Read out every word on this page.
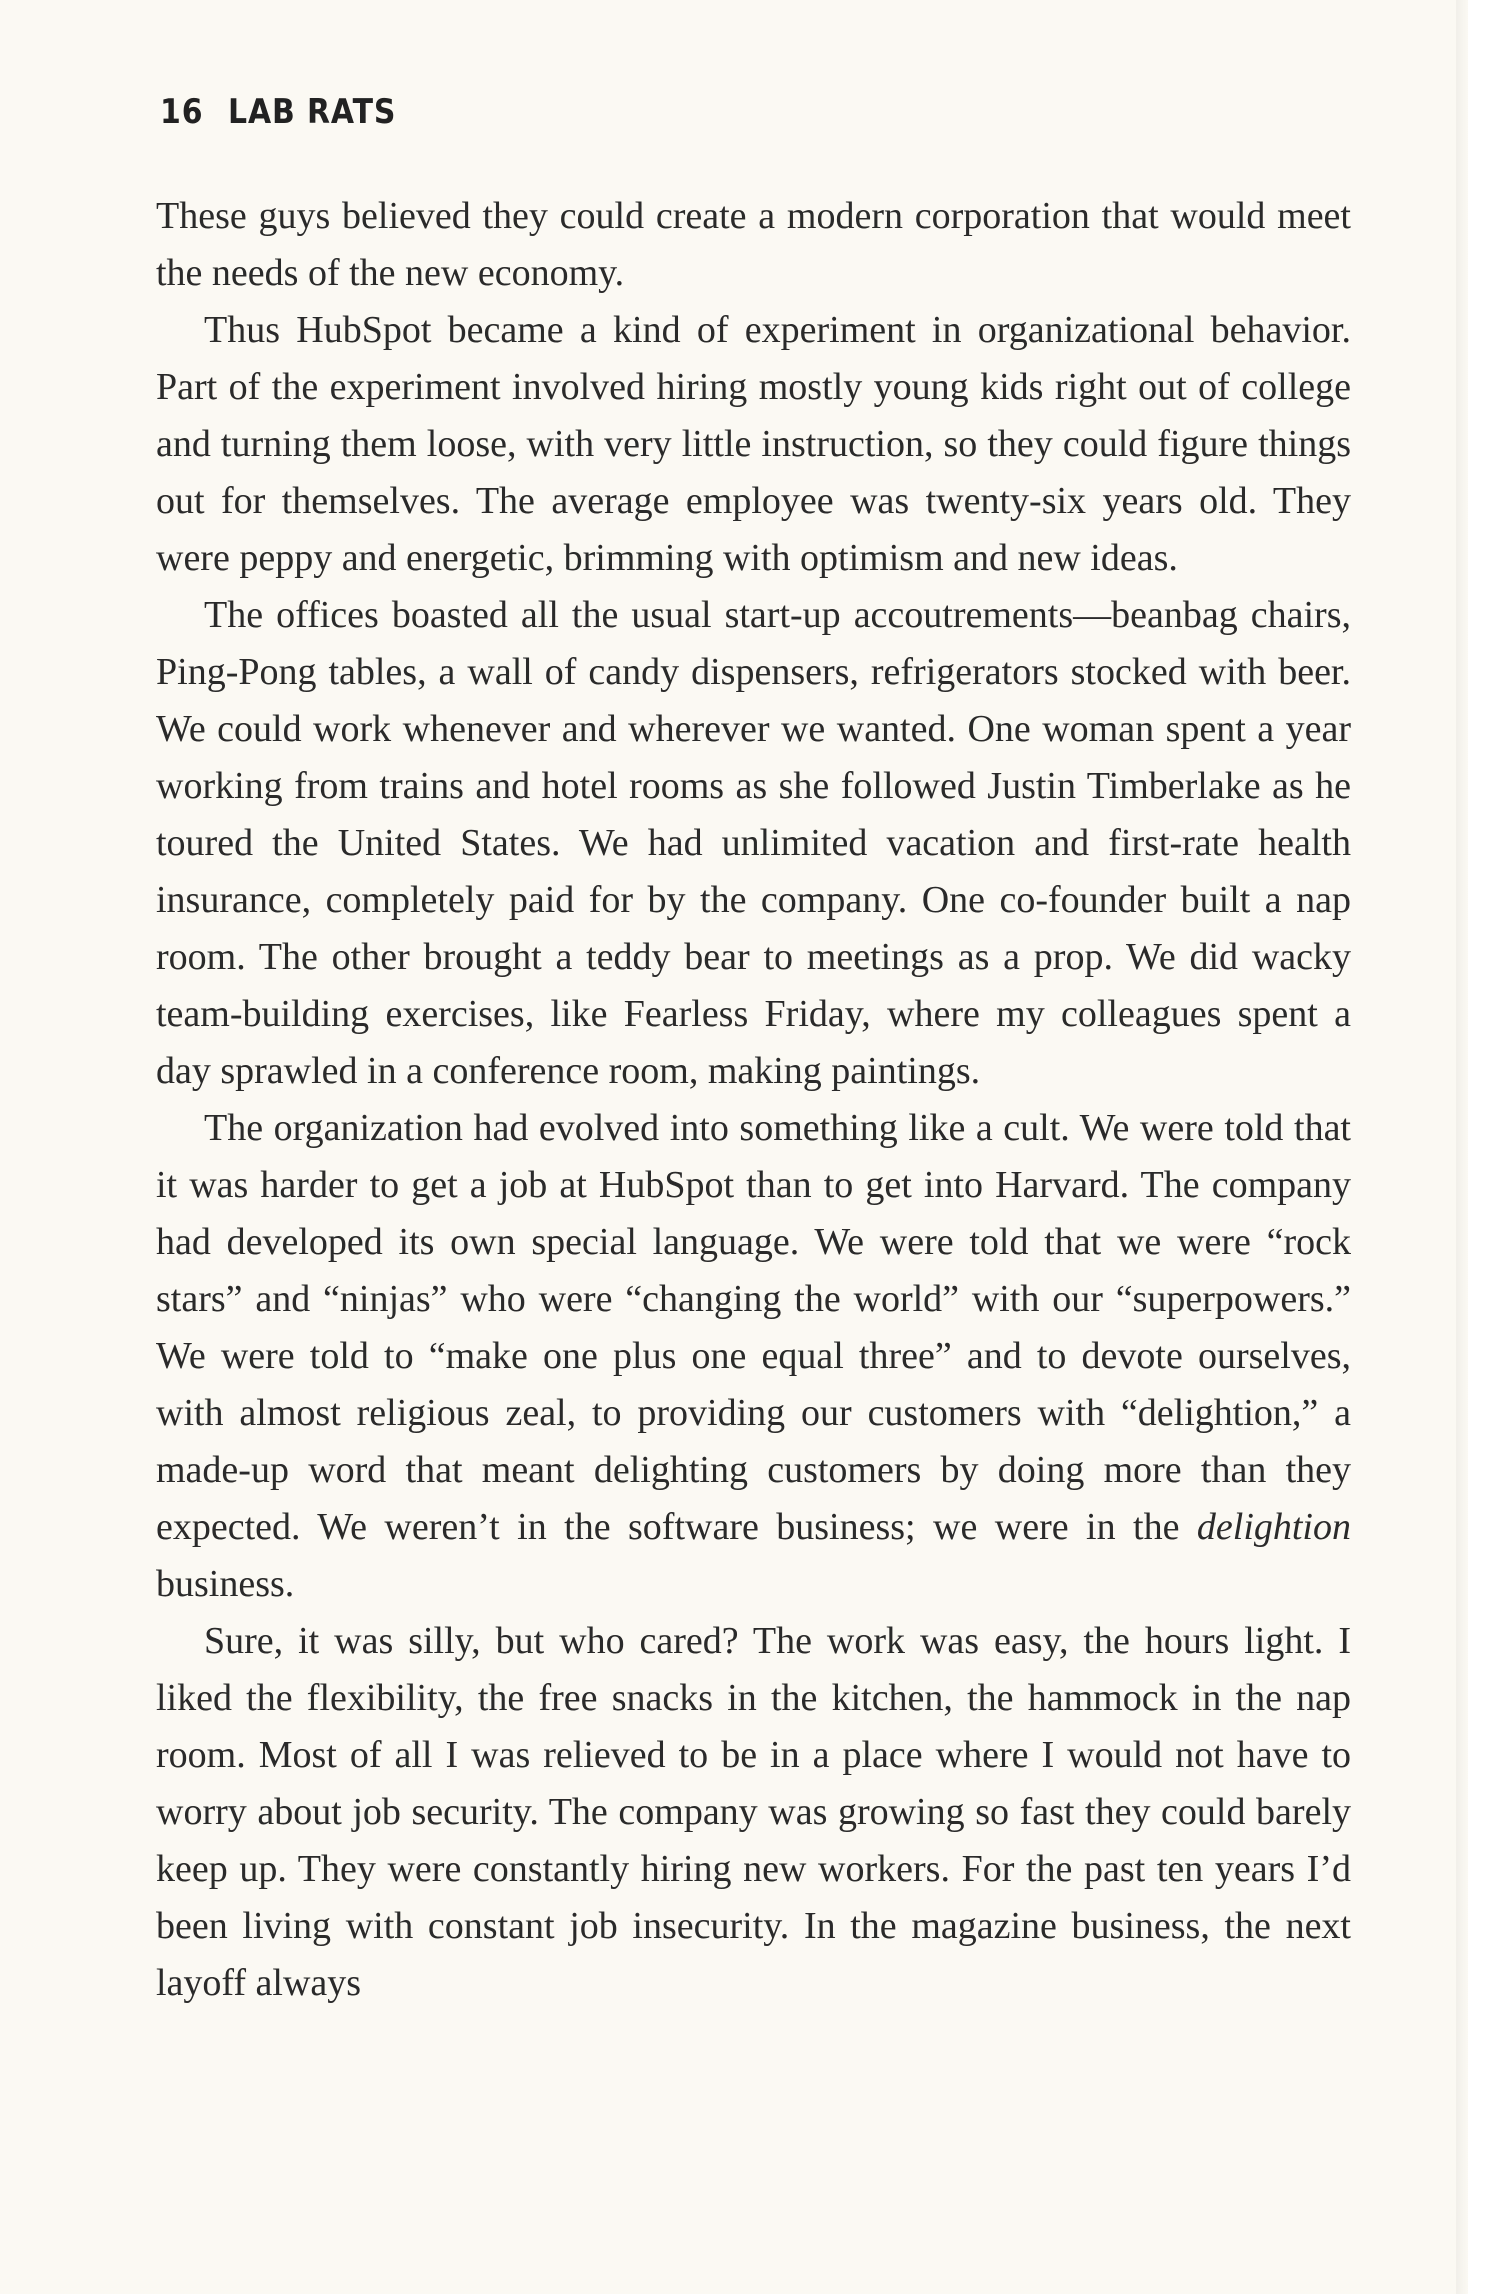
16 LAB RATS

These guys believed they could create a modern corporation that would meet the needs of the new economy.

Thus HubSpot became a kind of experiment in organizational behavior. Part of the experiment involved hiring mostly young kids right out of college and turning them loose, with very little instruction, so they could figure things out for themselves. The average employee was twenty-six years old. They were peppy and energetic, brimming with optimism and new ideas.

The offices boasted all the usual start-up accoutrements—beanbag chairs, Ping-Pong tables, a wall of candy dispensers, refrigerators stocked with beer. We could work whenever and wherever we wanted. One woman spent a year working from trains and hotel rooms as she followed Justin Timberlake as he toured the United States. We had unlimited vacation and first-rate health insurance, completely paid for by the company. One co-founder built a nap room. The other brought a teddy bear to meetings as a prop. We did wacky team-building exercises, like Fearless Friday, where my colleagues spent a day sprawled in a conference room, making paintings.

The organization had evolved into something like a cult. We were told that it was harder to get a job at HubSpot than to get into Harvard. The company had developed its own special language. We were told that we were “rock stars” and “ninjas” who were “changing the world” with our “superpowers.” We were told to “make one plus one equal three” and to devote ourselves, with almost religious zeal, to providing our customers with “delightion,” a made-up word that meant delighting customers by doing more than they expected. We weren’t in the software business; we were in the delightion business.

Sure, it was silly, but who cared? The work was easy, the hours light. I liked the flexibility, the free snacks in the kitchen, the hammock in the nap room. Most of all I was relieved to be in a place where I would not have to worry about job security. The company was growing so fast they could barely keep up. They were constantly hiring new workers. For the past ten years I’d been living with constant job insecurity. In the magazine business, the next layoff always
